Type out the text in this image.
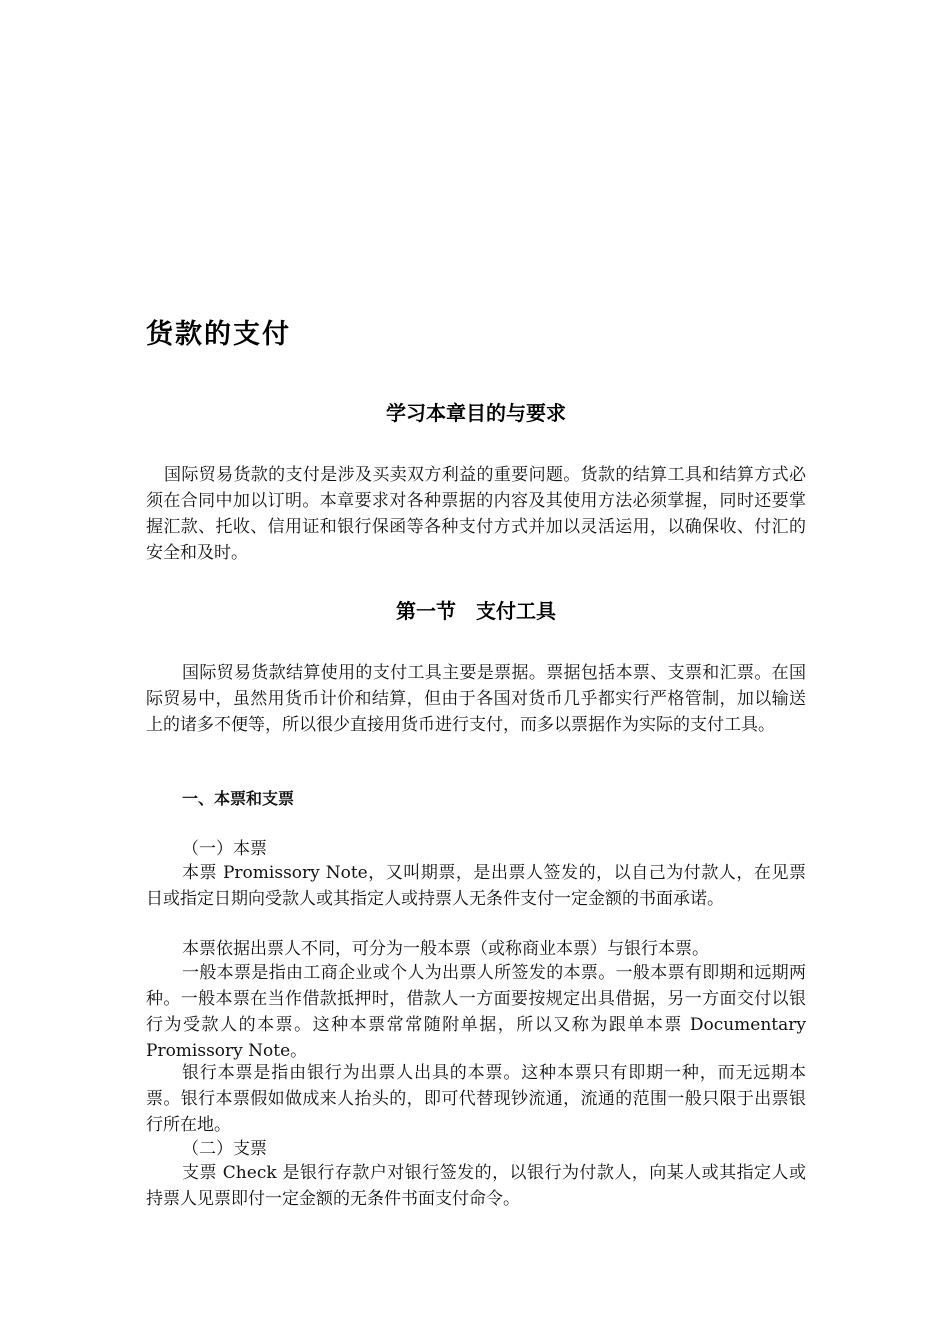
货款的支付
学习本章目的与要求

国际贸易货款的支付是涉及买卖双方利益的重要问题。货款的结算工具和结算方式必须在合同中加以订明。本章要求对各种票据的内容及其使用方法必须掌握，同时还要掌握汇款、托收、信用证和银行保函等各种支付方式并加以灵活运用，以确保收、付汇的安全和及时。

第一节　支付工具

国际贸易货款结算使用的支付工具主要是票据。票据包括本票、支票和汇票。在国际贸易中，虽然用货币计价和结算，但由于各国对货币几乎都实行严格管制，加以输送上的诸多不便等，所以很少直接用货币进行支付，而多以票据作为实际的支付工具。

一、本票和支票

（一）本票

本票 Promissory Note，又叫期票，是出票人签发的，以自己为付款人，在见票日或指定日期向受款人或其指定人或持票人无条件支付一定金额的书面承诺。

本票依据出票人不同，可分为一般本票（或称商业本票）与银行本票。

一般本票是指由工商企业或个人为出票人所签发的本票。一般本票有即期和远期两种。一般本票在当作借款抵押时，借款人一方面要按规定出具借据，另一方面交付以银行为受款人的本票。这种本票常常随附单据，所以又称为跟单本票 Documentary Promissory Note。

银行本票是指由银行为出票人出具的本票。这种本票只有即期一种，而无远期本票。银行本票假如做成来人抬头的，即可代替现钞流通，流通的范围一般只限于出票银行所在地。

（二）支票

支票 Check 是银行存款户对银行签发的，以银行为付款人，向某人或其指定人或持票人见票即付一定金额的无条件书面支付命令。
